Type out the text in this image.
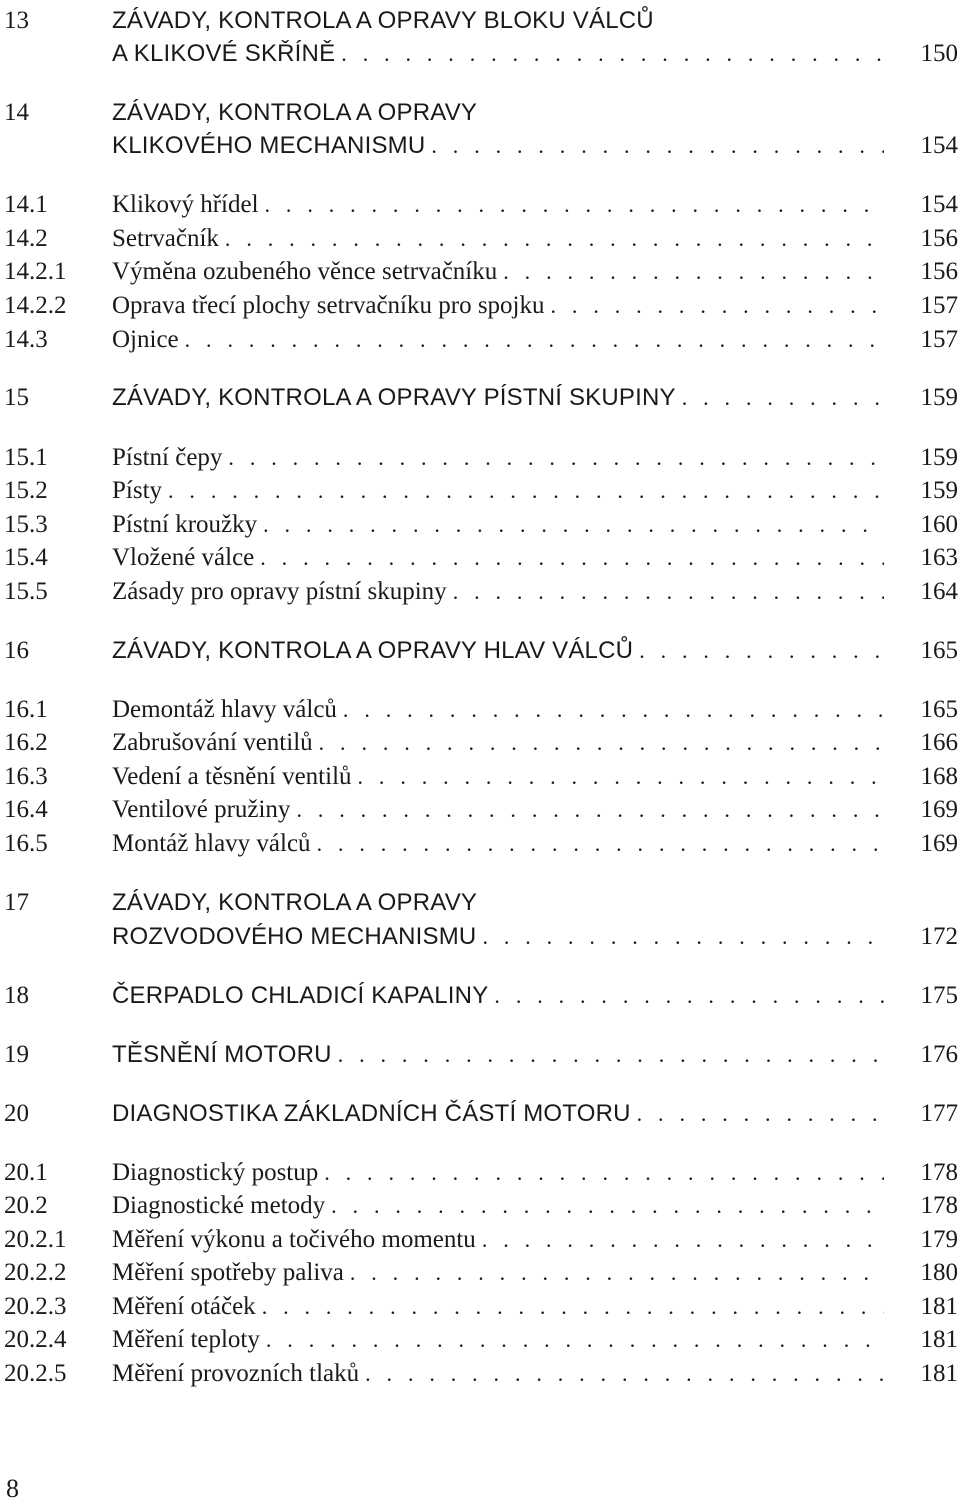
13	ZÁVADY, KONTROLA A OPRAVY BLOKU VÁLCŮ
A KLIKOVÉ SKŘÍNĚ . . .	150
14	ZÁVADY, KONTROLA A OPRAVY
KLIKOVÉHO MECHANISMU . . .	154
14.1	Klikový hřídel . . .	154
14.2	Setrvačník . . .	156
14.2.1 Výměna ozubeného věnce setrvačníku . . .	156
14.2.2 Oprava třecí plochy setrvačníku pro spojku . . .	157
14.3	Ojnice . . .	157
15	ZÁVADY, KONTROLA A OPRAVY PÍSTNÍ SKUPINY . . .	159
15.1	Pístní čepy . . .	159
15.2	Písty . . .	159
15.3	Pístní kroužky . . .	160
15.4	Vložené válce . . .	163
15.5	Zásady pro opravy pístní skupiny . . .	164
16	ZÁVADY, KONTROLA A OPRAVY HLAV VÁLCŮ . . .	165
16.1	Demontáž hlavy válců . . .	165
16.2	Zabrušování ventilů . . .	166
16.3	Vedení a těsnění ventilů . . .	168
16.4	Ventilové pružiny . . .	169
16.5	Montáž hlavy válců . . .	169
17	ZÁVADY, KONTROLA A OPRAVY
ROZVODOVÉHO MECHANISMU . . .	172
18	ČERPADLO CHLADICÍ KAPALINY . . .	175
19	TĚSNĚNÍ MOTORU . . .	176
20	DIAGNOSTIKA ZÁKLADNÍCH ČÁSTÍ MOTORU . . .	177
20.1	Diagnostický postup . . .	178
20.2	Diagnostické metody . . .	178
20.2.1 Měření výkonu a točivého momentu . . .	179
20.2.2 Měření spotřeby paliva . . .	180
20.2.3 Měření otáček . . .	181
20.2.4 Měření teploty . . .	181
20.2.5 Měření provozních tlaků . . .	181
8
